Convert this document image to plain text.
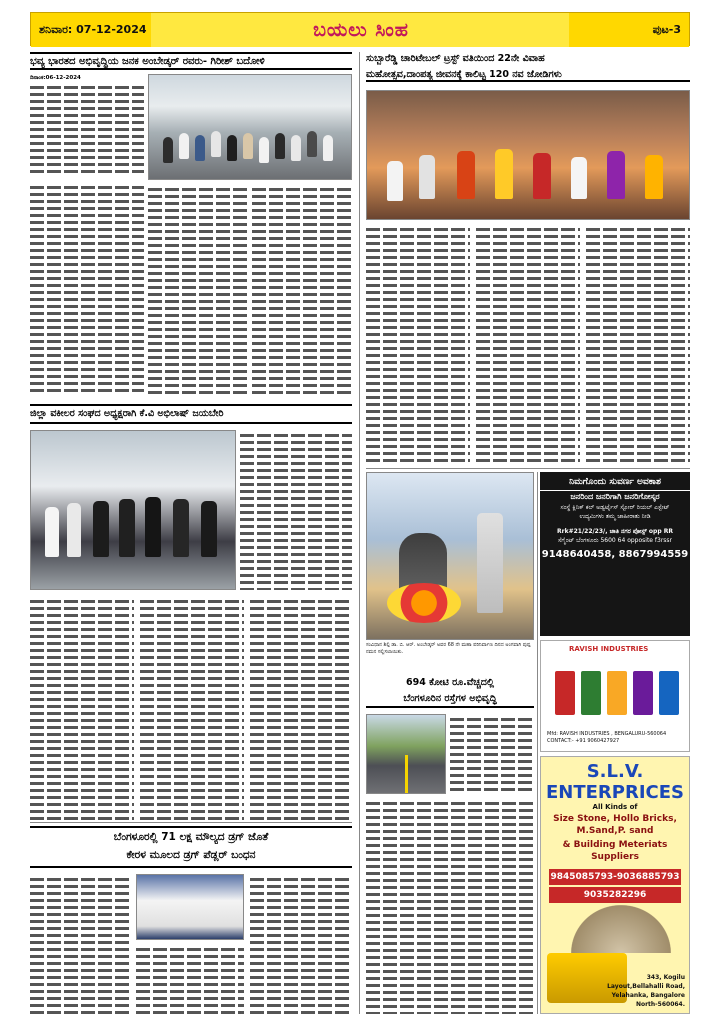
ಶನಿವಾರ: 07-12-2024	ಬಯಲು ಸಿಂಹ	ಪುಟ-3
ಭವ್ಯ ಭಾರತದ ಅಭಿವೃದ್ಧಿಯ ಜನಕ ಅಂಬೇಡ್ಕರ್ ರವರು- ಗಿರೀಶ್ ಬದೋಳಿ
ದಿನಾಂಕ:06-12-2024
ಸುಬ್ಬಾರೆಡ್ಡಿ ಚಾರಿಟೇಬಲ್ ಟ್ರಸ್ಟ್ ವತಿಯಿಂದ 22ನೇ ವಿವಾಹ
ಮಹೋತ್ಸವ,ದಾಂಪತ್ಯ ಜೀವನಕ್ಕೆ ಕಾಲಿಟ್ಟ 120 ನವ ಜೋಡಿಗಳು
ಜಿಲ್ಲಾ ವಕೀಲರ ಸಂಘದ ಅಧ್ಯಕ್ಷರಾಗಿ ಕೆ.ವಿ ಅಭಿಲಾಷ್ ಜಯಬೇರಿ
ಸಂವಿಧಾನ ಶಿಲ್ಪಿ ಡಾ. ಬಿ. ಆರ್. ಅಂಬೇಡ್ಕರ್ ಅವರ 68 ನೇ ಮಹಾ ಪರಿನಿರ್ವಾಣ ದಿನದ ಅಂಗವಾಗಿ ಪುಷ್ಪ ನಮನ ಸಲ್ಲಿಸಲಾಯಿತು.
694 ಕೋಟಿ ರೂ.ವೆಚ್ಚದಲ್ಲಿ
ಬೆಂಗಳೂರಿನ ರಸ್ತೆಗಳ ಅಭಿವೃದ್ಧಿ
ಬೆಂಗಳೂರಲ್ಲಿ 71 ಲಕ್ಷ ಮೌಲ್ಯದ ಡ್ರಗ್ ಜೊತೆ
ಕೇರಳ ಮೂಲದ ಡ್ರಗ್ ಪೆಡ್ಲರ್ ಬಂಧನ
ನಿಮಗೊಂದು ಸುವರ್ಣ ಅವಕಾಶ
ಜನರಿಂದ ಜನರಿಗಾಗಿ ಜನರಿಗೋಸ್ಕರ
ಸಂಸ್ಥೆ ಕ್ಲಿನಿಕ್ ಕಲ್ ಅಡ್ವರ್ಟೈಸ್ ಸ್ಟೋರ್ ರಿಯಲ್ ಎಸ್ಟೇಟ್
ಉದ್ಯಮಿಗಳು ತಮ್ಮ ಜಾಹೀರಾತು ನೀಡಿ
Rrk#21/22/23/, ಜಾತಿ ನಗರ ಪೋಸ್ಟ್ opp RR
ಸೆಗ್ಮೆಂಟ್ ಬೆಂಗಳೂರು 5600 64 opposite f3rssr
9148640458, 8867994559
RAVISH INDUSTRIES
Mfd: RAVISH INDUSTRIES , BENGALURU-560064
CONTACT:- +91 9060427927
S.L.V. ENTERPRICES
All Kinds of
Size Stone, Hollo Bricks, M.Sand,P. sand
& Building Meteriats Suppliers
9845085793-9036885793
9035282296
343, Kogilu Layout,Bellahalli Road, Yelahanka, Bangalore North-560064.
